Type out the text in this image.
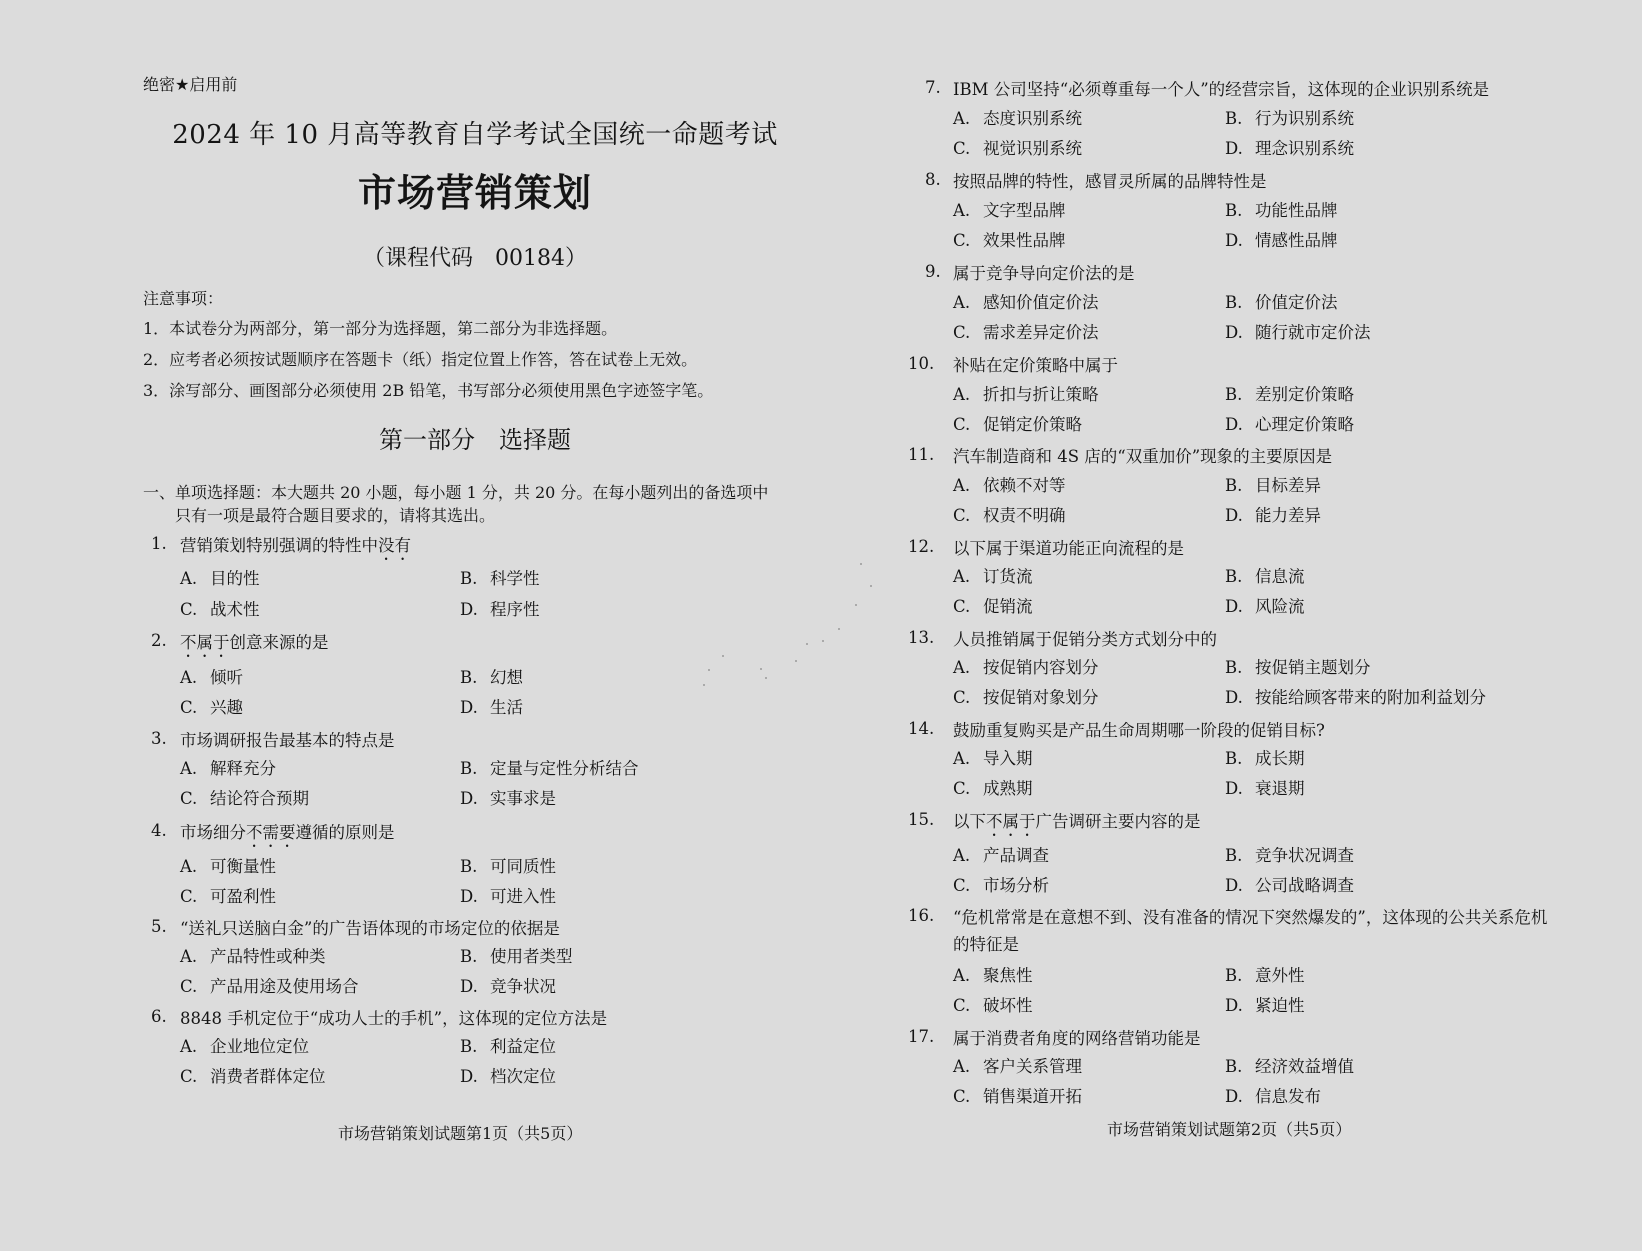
绝密★启用前
2024 年 10 月高等教育自学考试全国统一命题考试
市场营销策划
（课程代码　00184）
注意事项：
1．本试卷分为两部分，第一部分为选择题，第二部分为非选择题。
2．应考者必须按试题顺序在答题卡（纸）指定位置上作答，答在试卷上无效。
3．涂写部分、画图部分必须使用 2B 铅笔，书写部分必须使用黑色字迹签字笔。
第一部分　选择题
一、单项选择题：本大题共 20 小题，每小题 1 分，共 20 分。在每小题列出的备选项中
只有一项是最符合题目要求的，请将其选出。
1. 营销策划特别强调的特性中没有
A. 目的性	B. 科学性
C. 战术性	D. 程序性
2. 不属于创意来源的是
A. 倾听	B. 幻想
C. 兴趣	D. 生活
3. 市场调研报告最基本的特点是
A. 解释充分	B. 定量与定性分析结合
C. 结论符合预期	D. 实事求是
4. 市场细分不需要遵循的原则是
A. 可衡量性	B. 可同质性
C. 可盈利性	D. 可进入性
5. “送礼只送脑白金”的广告语体现的市场定位的依据是
A. 产品特性或种类	B. 使用者类型
C. 产品用途及使用场合	D. 竞争状况
6. 8848 手机定位于“成功人士的手机”，这体现的定位方法是
A. 企业地位定位	B. 利益定位
C. 消费者群体定位	D. 档次定位
市场营销策划试题第1页（共5页）
7. IBM 公司坚持“必须尊重每一个人”的经营宗旨，这体现的企业识别系统是
A. 态度识别系统	B. 行为识别系统
C. 视觉识别系统	D. 理念识别系统
8. 按照品牌的特性，感冒灵所属的品牌特性是
A. 文字型品牌	B. 功能性品牌
C. 效果性品牌	D. 情感性品牌
9. 属于竞争导向定价法的是
A. 感知价值定价法	B. 价值定价法
C. 需求差异定价法	D. 随行就市定价法
10. 补贴在定价策略中属于
A. 折扣与折让策略	B. 差别定价策略
C. 促销定价策略	D. 心理定价策略
11. 汽车制造商和 4S 店的“双重加价”现象的主要原因是
A. 依赖不对等	B. 目标差异
C. 权责不明确	D. 能力差异
12. 以下属于渠道功能正向流程的是
A. 订货流	B. 信息流
C. 促销流	D. 风险流
13. 人员推销属于促销分类方式划分中的
A. 按促销内容划分	B. 按促销主题划分
C. 按促销对象划分	D. 按能给顾客带来的附加利益划分
14. 鼓励重复购买是产品生命周期哪一阶段的促销目标?
A. 导入期	B. 成长期
C. 成熟期	D. 衰退期
15. 以下不属于广告调研主要内容的是
A. 产品调查	B. 竞争状况调查
C. 市场分析	D. 公司战略调查
16. “危机常常是在意想不到、没有准备的情况下突然爆发的”，这体现的公共关系危机
的特征是
A. 聚焦性	B. 意外性
C. 破坏性	D. 紧迫性
17. 属于消费者角度的网络营销功能是
A. 客户关系管理	B. 经济效益增值
C. 销售渠道开拓	D. 信息发布
市场营销策划试题第2页（共5页）
